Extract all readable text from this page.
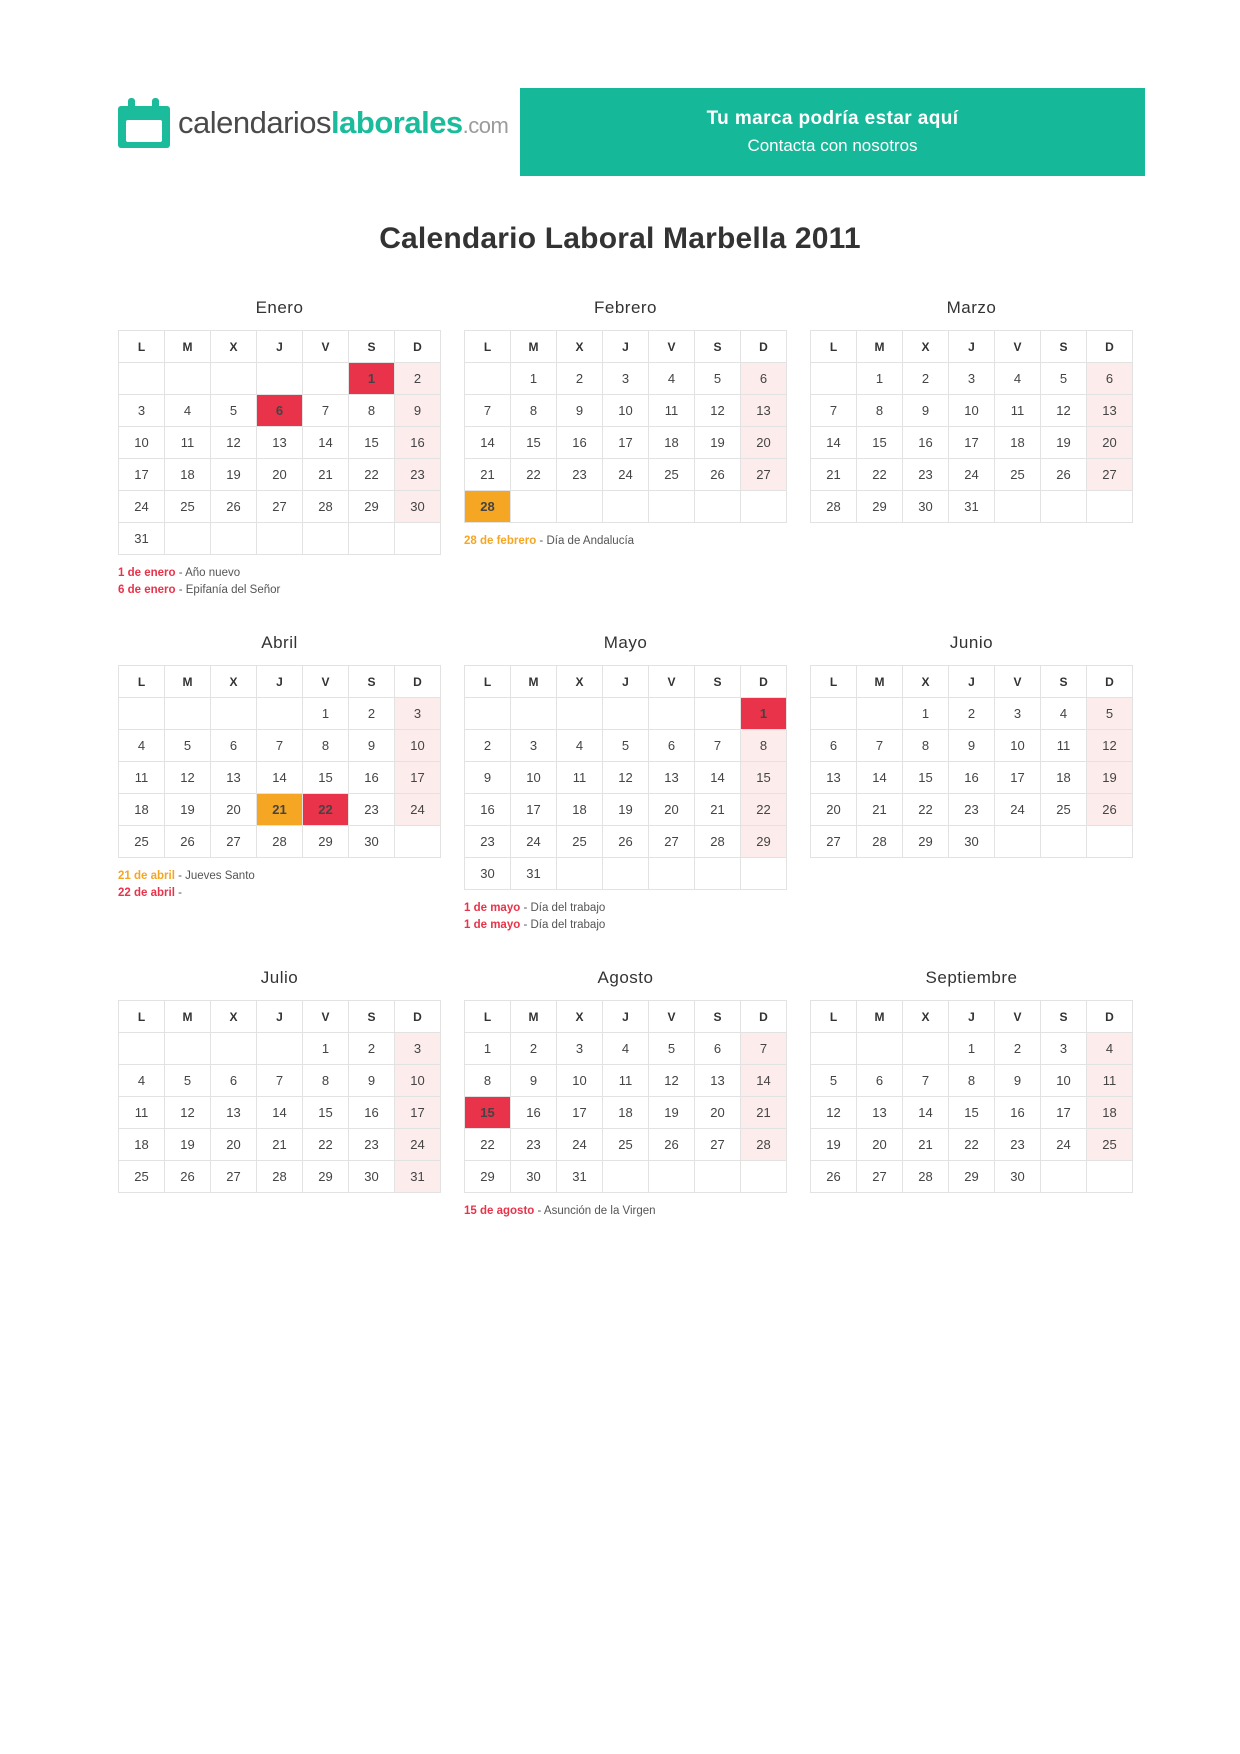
calendarioslaborales.com	Tu marca podría estar aquí
Contacta con nosotros
Calendario Laboral Marbella 2011
Enero
L	M	X	J	V	S	D
					1	2
3	4	5	6	7	8	9
10	11	12	13	14	15	16
17	18	19	20	21	22	23
24	25	26	27	28	29	30
31						
1 de enero - Año nuevo
6 de enero - Epifanía del Señor
Febrero
L	M	X	J	V	S	D
	1	2	3	4	5	6
7	8	9	10	11	12	13
14	15	16	17	18	19	20
21	22	23	24	25	26	27
28						
28 de febrero - Día de Andalucía
Marzo
L	M	X	J	V	S	D
	1	2	3	4	5	6
7	8	9	10	11	12	13
14	15	16	17	18	19	20
21	22	23	24	25	26	27
28	29	30	31			
Abril
L	M	X	J	V	S	D
				1	2	3
4	5	6	7	8	9	10
11	12	13	14	15	16	17
18	19	20	21	22	23	24
25	26	27	28	29	30	
21 de abril - Jueves Santo
22 de abril -
Mayo
L	M	X	J	V	S	D
						1
2	3	4	5	6	7	8
9	10	11	12	13	14	15
16	17	18	19	20	21	22
23	24	25	26	27	28	29
30	31					
1 de mayo - Día del trabajo
1 de mayo - Día del trabajo
Junio
L	M	X	J	V	S	D
		1	2	3	4	5
6	7	8	9	10	11	12
13	14	15	16	17	18	19
20	21	22	23	24	25	26
27	28	29	30			
Julio
L	M	X	J	V	S	D
				1	2	3
4	5	6	7	8	9	10
11	12	13	14	15	16	17
18	19	20	21	22	23	24
25	26	27	28	29	30	31
Agosto
L	M	X	J	V	S	D
1	2	3	4	5	6	7
8	9	10	11	12	13	14
15	16	17	18	19	20	21
22	23	24	25	26	27	28
29	30	31				
15 de agosto - Asunción de la Virgen
Septiembre
L	M	X	J	V	S	D
			1	2	3	4
5	6	7	8	9	10	11
12	13	14	15	16	17	18
19	20	21	22	23	24	25
26	27	28	29	30		
